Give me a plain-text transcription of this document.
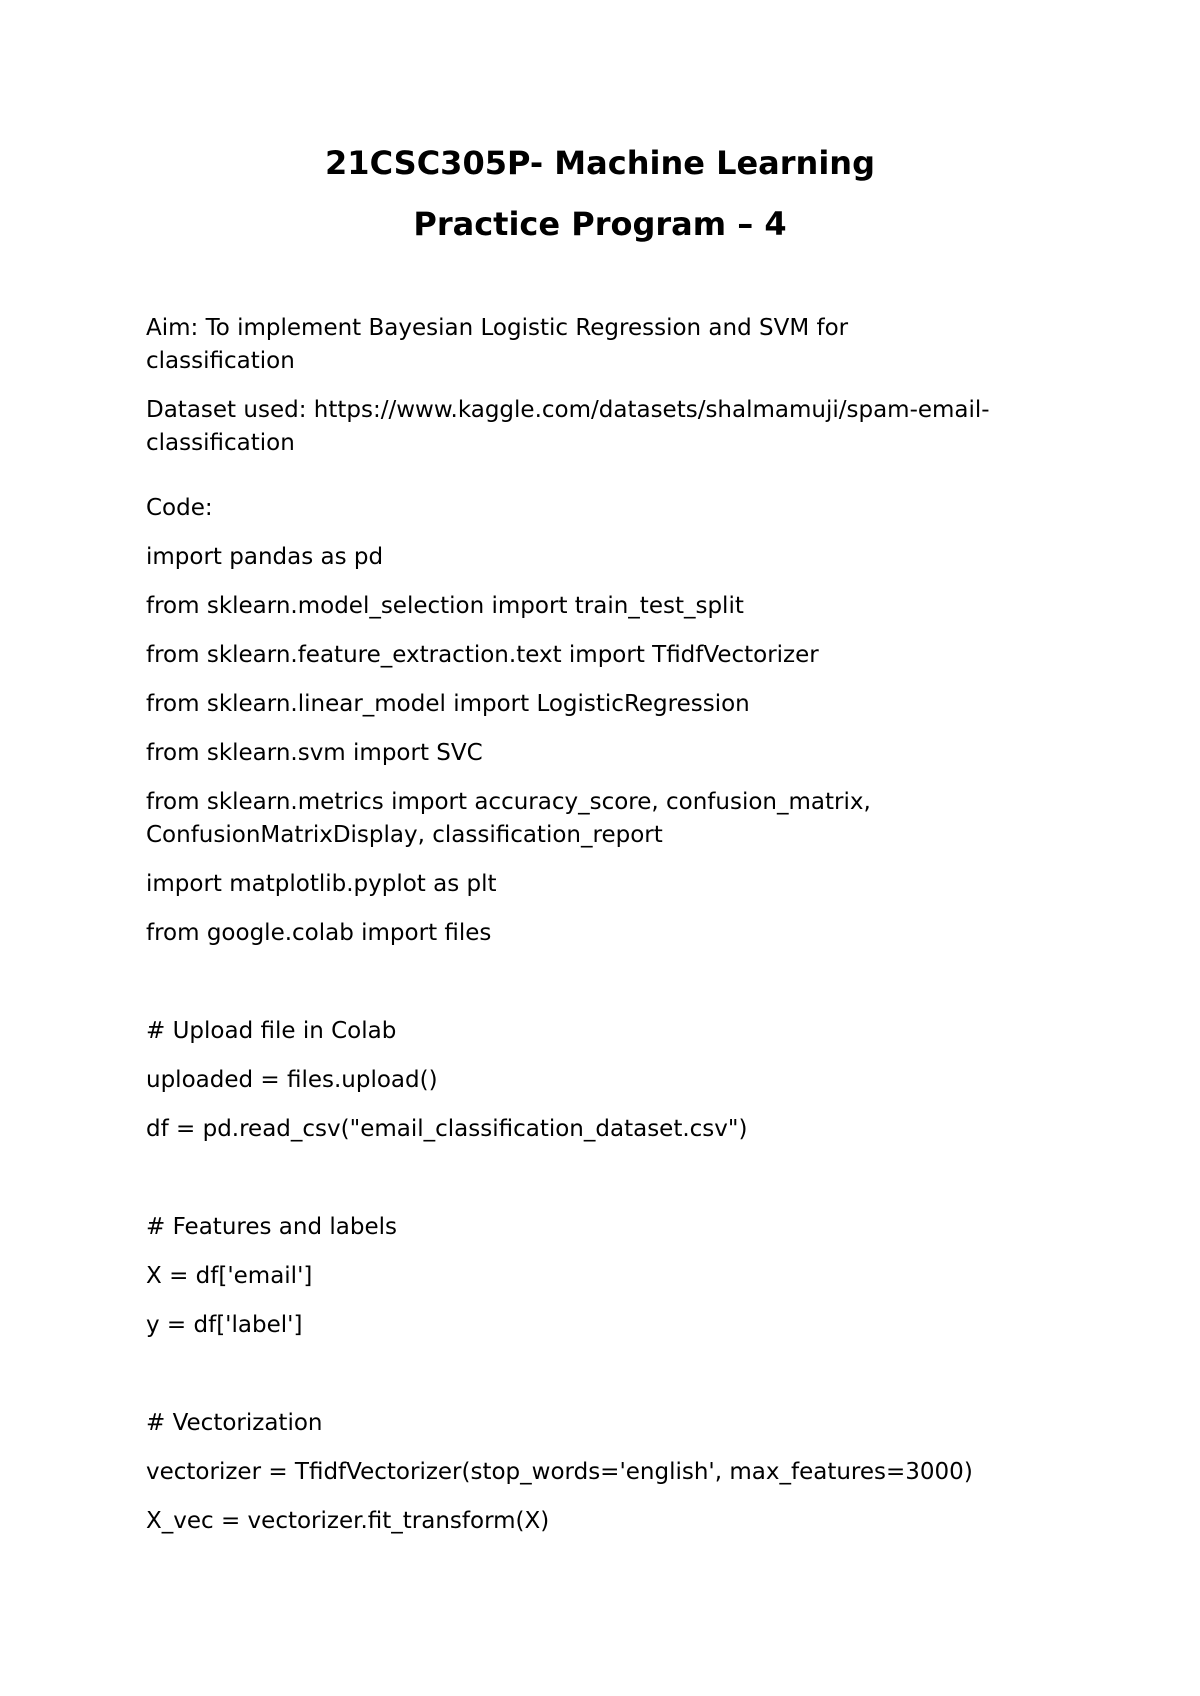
21CSC305P- Machine Learning
Practice Program – 4
Aim: To implement Bayesian Logistic Regression and SVM for
classification
Dataset used: https://www.kaggle.com/datasets/shalmamuji/spam-email-
classification
Code:
import pandas as pd
from sklearn.model_selection import train_test_split
from sklearn.feature_extraction.text import TfidfVectorizer
from sklearn.linear_model import LogisticRegression
from sklearn.svm import SVC
from sklearn.metrics import accuracy_score, confusion_matrix,
ConfusionMatrixDisplay, classification_report
import matplotlib.pyplot as plt
from google.colab import files
# Upload file in Colab
uploaded = files.upload()
df = pd.read_csv("email_classification_dataset.csv")
# Features and labels
X = df['email']
y = df['label']
# Vectorization
vectorizer = TfidfVectorizer(stop_words='english', max_features=3000)
X_vec = vectorizer.fit_transform(X)
